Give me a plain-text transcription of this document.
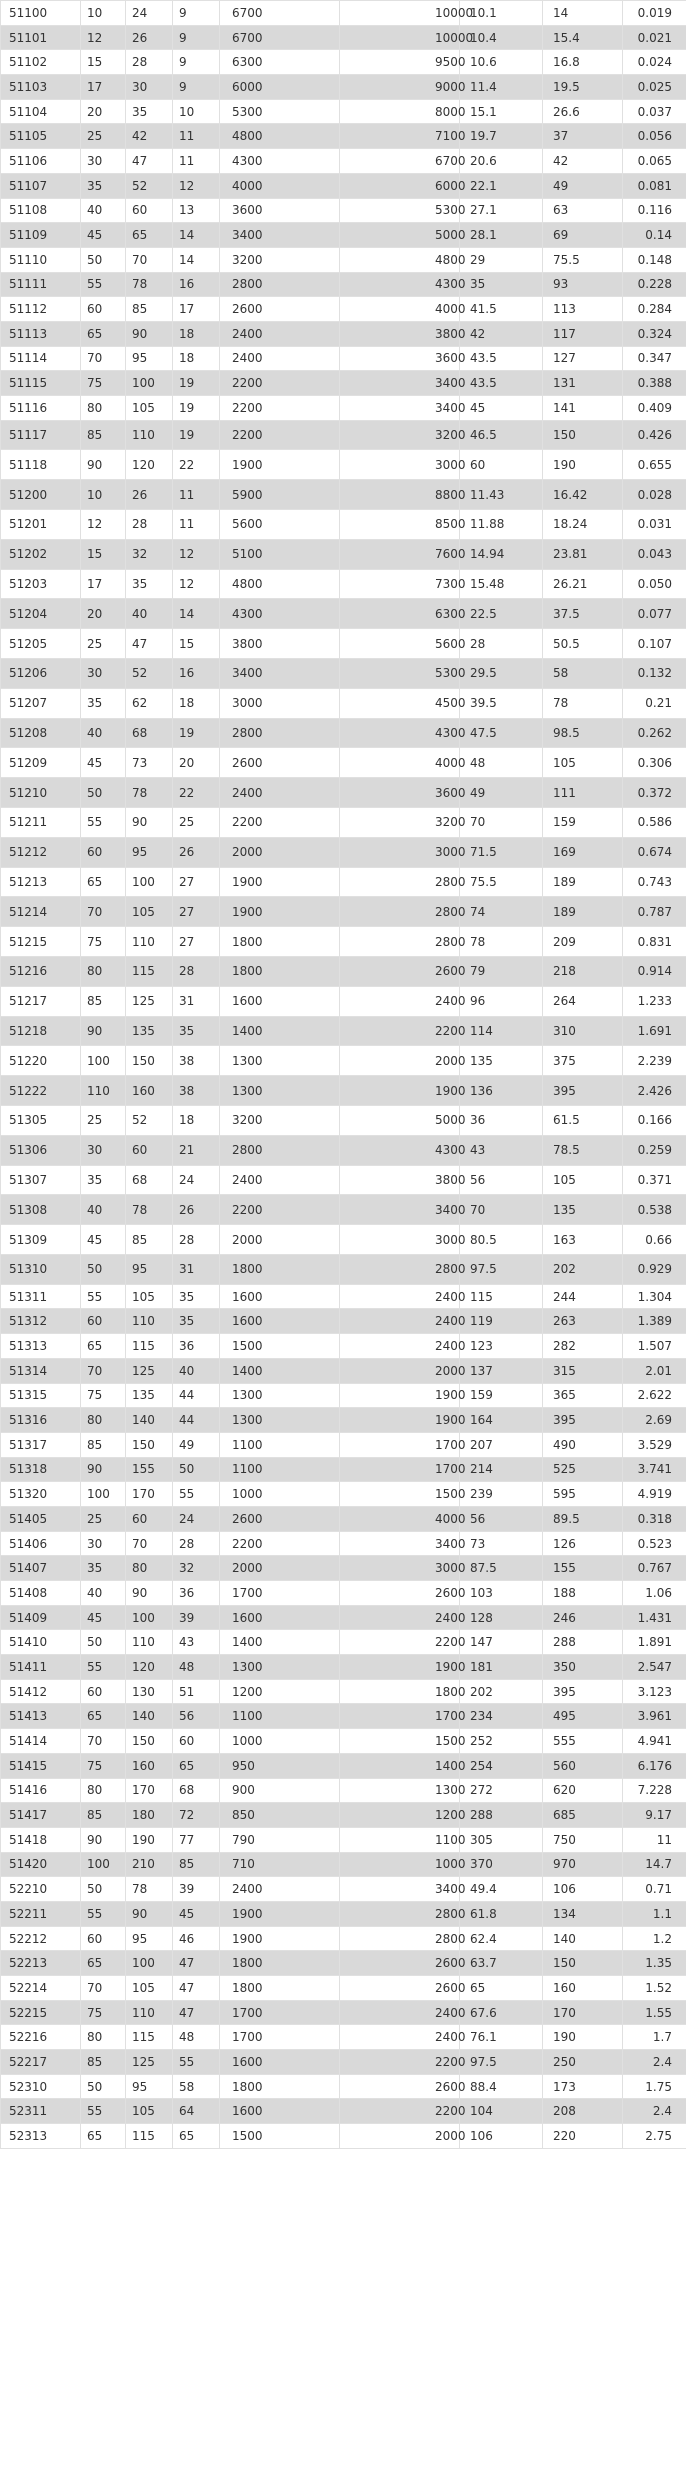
51100	10	24	9	6700	10000	10.1	14	0.019
51101	12	26	9	6700	10000	10.4	15.4	0.021
51102	15	28	9	6300	9500	10.6	16.8	0.024
51103	17	30	9	6000	9000	11.4	19.5	0.025
51104	20	35	10	5300	8000	15.1	26.6	0.037
51105	25	42	11	4800	7100	19.7	37	0.056
51106	30	47	11	4300	6700	20.6	42	0.065
51107	35	52	12	4000	6000	22.1	49	0.081
51108	40	60	13	3600	5300	27.1	63	0.116
51109	45	65	14	3400	5000	28.1	69	0.14
51110	50	70	14	3200	4800	29	75.5	0.148
51111	55	78	16	2800	4300	35	93	0.228
51112	60	85	17	2600	4000	41.5	113	0.284
51113	65	90	18	2400	3800	42	117	0.324
51114	70	95	18	2400	3600	43.5	127	0.347
51115	75	100	19	2200	3400	43.5	131	0.388
51116	80	105	19	2200	3400	45	141	0.409
51117	85	110	19	2200	3200	46.5	150	0.426
51118	90	120	22	1900	3000	60	190	0.655
51200	10	26	11	5900	8800	11.43	16.42	0.028
51201	12	28	11	5600	8500	11.88	18.24	0.031
51202	15	32	12	5100	7600	14.94	23.81	0.043
51203	17	35	12	4800	7300	15.48	26.21	0.050
51204	20	40	14	4300	6300	22.5	37.5	0.077
51205	25	47	15	3800	5600	28	50.5	0.107
51206	30	52	16	3400	5300	29.5	58	0.132
51207	35	62	18	3000	4500	39.5	78	0.21
51208	40	68	19	2800	4300	47.5	98.5	0.262
51209	45	73	20	2600	4000	48	105	0.306
51210	50	78	22	2400	3600	49	111	0.372
51211	55	90	25	2200	3200	70	159	0.586
51212	60	95	26	2000	3000	71.5	169	0.674
51213	65	100	27	1900	2800	75.5	189	0.743
51214	70	105	27	1900	2800	74	189	0.787
51215	75	110	27	1800	2800	78	209	0.831
51216	80	115	28	1800	2600	79	218	0.914
51217	85	125	31	1600	2400	96	264	1.233
51218	90	135	35	1400	2200	114	310	1.691
51220	100	150	38	1300	2000	135	375	2.239
51222	110	160	38	1300	1900	136	395	2.426
51305	25	52	18	3200	5000	36	61.5	0.166
51306	30	60	21	2800	4300	43	78.5	0.259
51307	35	68	24	2400	3800	56	105	0.371
51308	40	78	26	2200	3400	70	135	0.538
51309	45	85	28	2000	3000	80.5	163	0.66
51310	50	95	31	1800	2800	97.5	202	0.929
51311	55	105	35	1600	2400	115	244	1.304
51312	60	110	35	1600	2400	119	263	1.389
51313	65	115	36	1500	2400	123	282	1.507
51314	70	125	40	1400	2000	137	315	2.01
51315	75	135	44	1300	1900	159	365	2.622
51316	80	140	44	1300	1900	164	395	2.69
51317	85	150	49	1100	1700	207	490	3.529
51318	90	155	50	1100	1700	214	525	3.741
51320	100	170	55	1000	1500	239	595	4.919
51405	25	60	24	2600	4000	56	89.5	0.318
51406	30	70	28	2200	3400	73	126	0.523
51407	35	80	32	2000	3000	87.5	155	0.767
51408	40	90	36	1700	2600	103	188	1.06
51409	45	100	39	1600	2400	128	246	1.431
51410	50	110	43	1400	2200	147	288	1.891
51411	55	120	48	1300	1900	181	350	2.547
51412	60	130	51	1200	1800	202	395	3.123
51413	65	140	56	1100	1700	234	495	3.961
51414	70	150	60	1000	1500	252	555	4.941
51415	75	160	65	950	1400	254	560	6.176
51416	80	170	68	900	1300	272	620	7.228
51417	85	180	72	850	1200	288	685	9.17
51418	90	190	77	790	1100	305	750	11
51420	100	210	85	710	1000	370	970	14.7
52210	50	78	39	2400	3400	49.4	106	0.71
52211	55	90	45	1900	2800	61.8	134	1.1
52212	60	95	46	1900	2800	62.4	140	1.2
52213	65	100	47	1800	2600	63.7	150	1.35
52214	70	105	47	1800	2600	65	160	1.52
52215	75	110	47	1700	2400	67.6	170	1.55
52216	80	115	48	1700	2400	76.1	190	1.7
52217	85	125	55	1600	2200	97.5	250	2.4
52310	50	95	58	1800	2600	88.4	173	1.75
52311	55	105	64	1600	2200	104	208	2.4
52313	65	115	65	1500	2000	106	220	2.75
